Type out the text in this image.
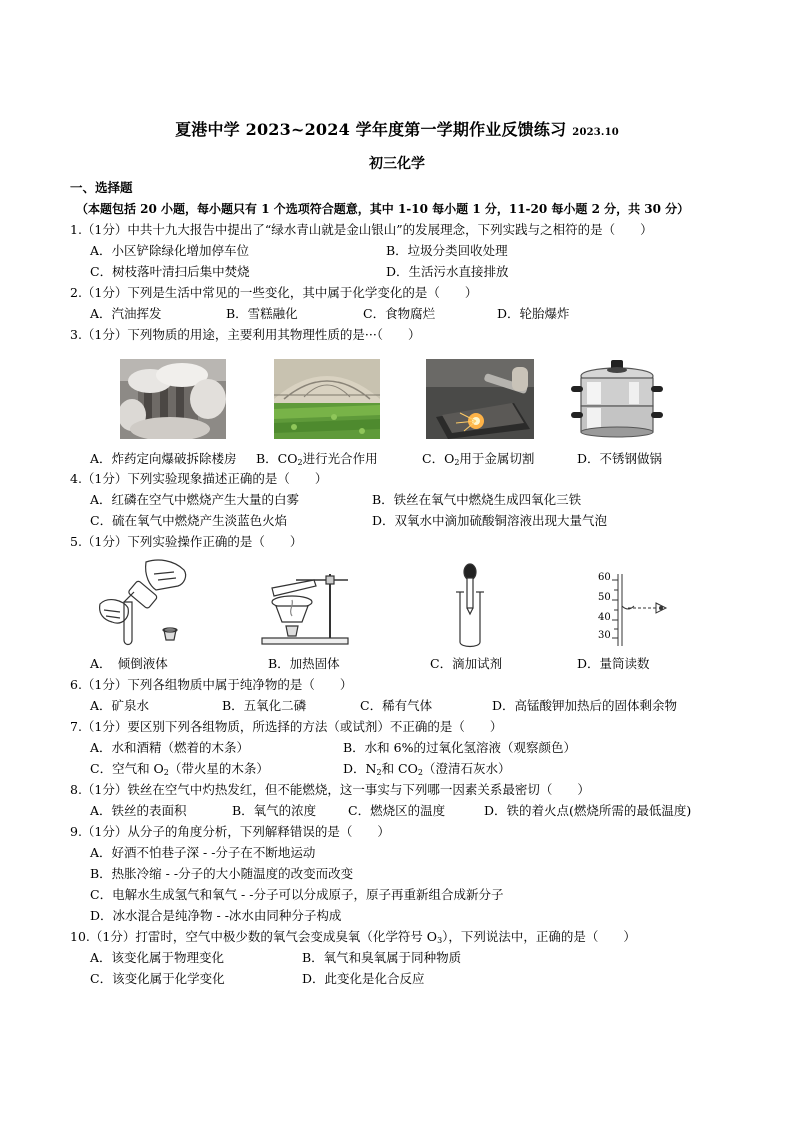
夏港中学 2023~2024 学年度第一学期作业反馈练习 2023.10
初三化学
一、选择题
（本题包括 20 小题，每小题只有 1 个选项符合题意，其中 1-10 每小题 1 分，11-20 每小题 2 分，共 30 分）
1.（1分）中共十九大报告中提出了“绿水青山就是金山银山”的发展理念，下列实践与之相符的是（　　）
A．小区铲除绿化增加停车位	B．垃圾分类回收处理
C．树枝落叶清扫后集中焚烧	D．生活污水直接排放
2.（1分）下列是生活中常见的一些变化，其中属于化学变化的是（　　）
A．汽油挥发	B．雪糕融化	C．食物腐烂	D．轮胎爆炸
3.（1分）下列物质的用途，主要利用其物理性质的是···（　　）
A．炸药定向爆破拆除楼房 B．$CO_2$进行光合作用	C．$O_2$用于金属切割	D．不锈钢做锅
4.（1分）下列实验现象描述正确的是（　　）
A．红磷在空气中燃烧产生大量的白雾	B．铁丝在氧气中燃烧生成四氧化三铁
C．硫在氧气中燃烧产生淡蓝色火焰	D．双氧水中滴加硫酸铜溶液出现大量气泡
5.（1分）下列实验操作正确的是（　　）
60
50
40
30
A．　倾倒液体	B．加热固体	C．滴加试剂	D．量筒读数
6.（1分）下列各组物质中属于纯净物的是（　　）
A．矿泉水	B．五氧化二磷	C．稀有气体	D．高锰酸钾加热后的固体剩余物
7.（1分）要区别下列各组物质，所选择的方法（或试剂）不正确的是（　　）
A．水和酒精（燃着的木条）	B．水和 6%的过氧化氢溶液（观察颜色）
C．空气和 $O_2$（带火星的木条）	D．$N_2$和 $CO_2$（澄清石灰水）
8.（1分）铁丝在空气中灼热发红，但不能燃烧，这一事实与下列哪一因素关系最密切（　　）
A．铁丝的表面积	B．氧气的浓度	C．燃烧区的温度	D．铁的着火点(燃烧所需的最低温度)
9.（1分）从分子的角度分析，下列解释错误的是（　　）
A．好酒不怕巷子深 - -分子在不断地运动
B．热胀冷缩 - -分子的大小随温度的改变而改变
C．电解水生成氢气和氧气 - -分子可以分成原子，原子再重新组合成新分子
D．冰水混合是纯净物 - -冰水由同种分子构成
10.（1分）打雷时，空气中极少数的氧气会变成臭氧（化学符号 $O_3$），下列说法中，正确的是（　　）
A．该变化属于物理变化	B．氧气和臭氧属于同种物质
C．该变化属于化学变化	D．此变化是化合反应
